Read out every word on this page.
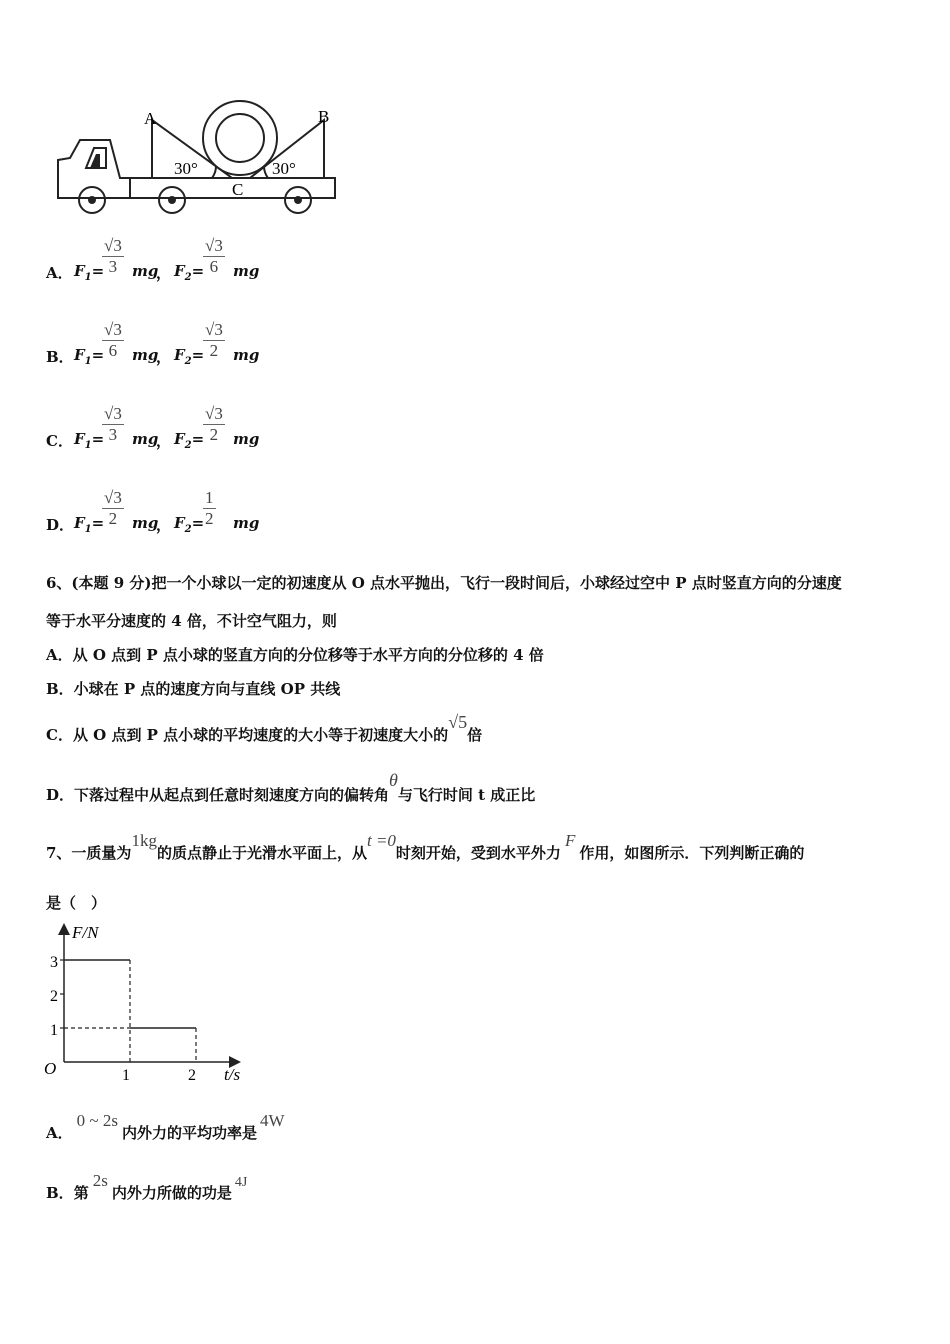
A	B
C
30°	30°
A． $F_1=$
√3
3 mg
， $F_2=$
√3
6 mg
B． $F_1=$
√3
6 mg
， $F_2=$
√3
2 mg
C． $F_1=$
√3
3 mg
， $F_2=$
√3
2 mg
D． $F_1=$
√3
2 mg
， $F_2=$
1
2 mg
6、(本题 9 分)把一个小球以一定的初速度从 O 点水平抛出，飞行一段时间后，小球经过空中 P 点时竖直方向的分速度
等于水平分速度的 4 倍，不计空气阻力，则
A．从 O 点到 P 点小球的竖直方向的分位移等于水平方向的分位移的 4 倍
B．小球在 P 点的速度方向与直线 OP 共线
C．从 O 点到 P 点小球的平均速度的大小等于初速度大小的√5倍
D．下落过程中从起点到任意时刻速度方向的偏转角θ与飞行时间 t 成正比
7、一质量为1kg的质点静止于光滑水平面上，从t =0时刻开始，受到水平外力F作用，如图所示．下列判断正确的
是（　）
F/N
t/s
O
3
2
1
1	2
A．0 ~ 2s内外力的平均功率是4W
B．第2s内外力所做的功是4J
